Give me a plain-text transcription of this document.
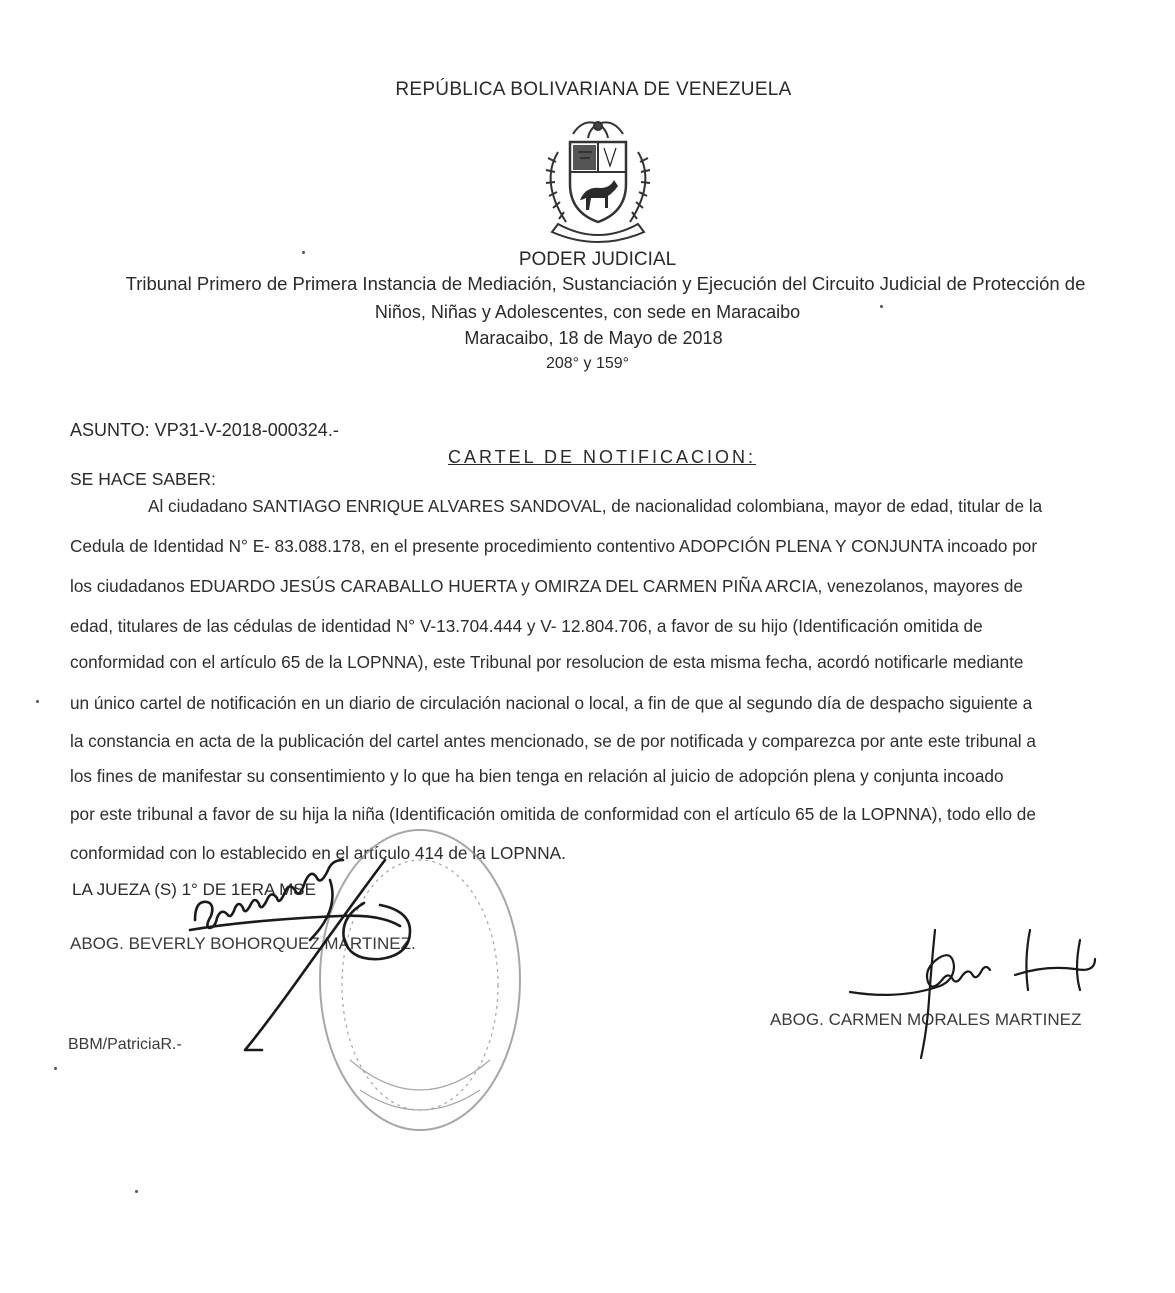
REPÚBLICA BOLIVARIANA DE VENEZUELA
PODER JUDICIAL
Tribunal Primero de Primera Instancia de Mediación, Sustanciación y Ejecución del Circuito Judicial de Protección de
Niños, Niñas y Adolescentes, con sede en Maracaibo
Maracaibo, 18 de Mayo de 2018
208° y 159°
ASUNTO: VP31-V-2018-000324.-
CARTEL DE NOTIFICACION:
SE HACE SABER:
Al ciudadano SANTIAGO ENRIQUE ALVARES SANDOVAL, de nacionalidad colombiana, mayor de edad, titular de la
Cedula de Identidad N° E- 83.088.178, en el presente procedimiento contentivo ADOPCIÓN PLENA Y CONJUNTA incoado por
los ciudadanos EDUARDO JESÚS CARABALLO HUERTA y OMIRZA DEL CARMEN PIÑA ARCIA, venezolanos, mayores de
edad, titulares de las cédulas de identidad N° V-13.704.444 y V- 12.804.706, a favor de su hijo (Identificación omitida de
conformidad con el artículo 65 de la LOPNNA), este Tribunal por resolucion de esta misma fecha, acordó notificarle mediante
un único cartel de notificación en un diario de circulación nacional o local, a fin de que al segundo día de despacho siguiente a
la constancia en acta de la publicación del cartel antes mencionado, se de por notificada y comparezca por ante este tribunal a
los fines de manifestar su consentimiento y lo que ha bien tenga en relación al juicio de adopción plena y conjunta incoado
por este tribunal a favor de su hija la niña (Identificación omitida de conformidad con el artículo 65 de la LOPNNA), todo ello de
conformidad con lo establecido en el artículo 414 de la LOPNNA.
LA JUEZA (S) 1° DE 1ERA MSE
ABOG. BEVERLY BOHORQUEZ MARTINEZ.
ABOG. CARMEN MORALES MARTINEZ
BBM/PatriciaR.-
